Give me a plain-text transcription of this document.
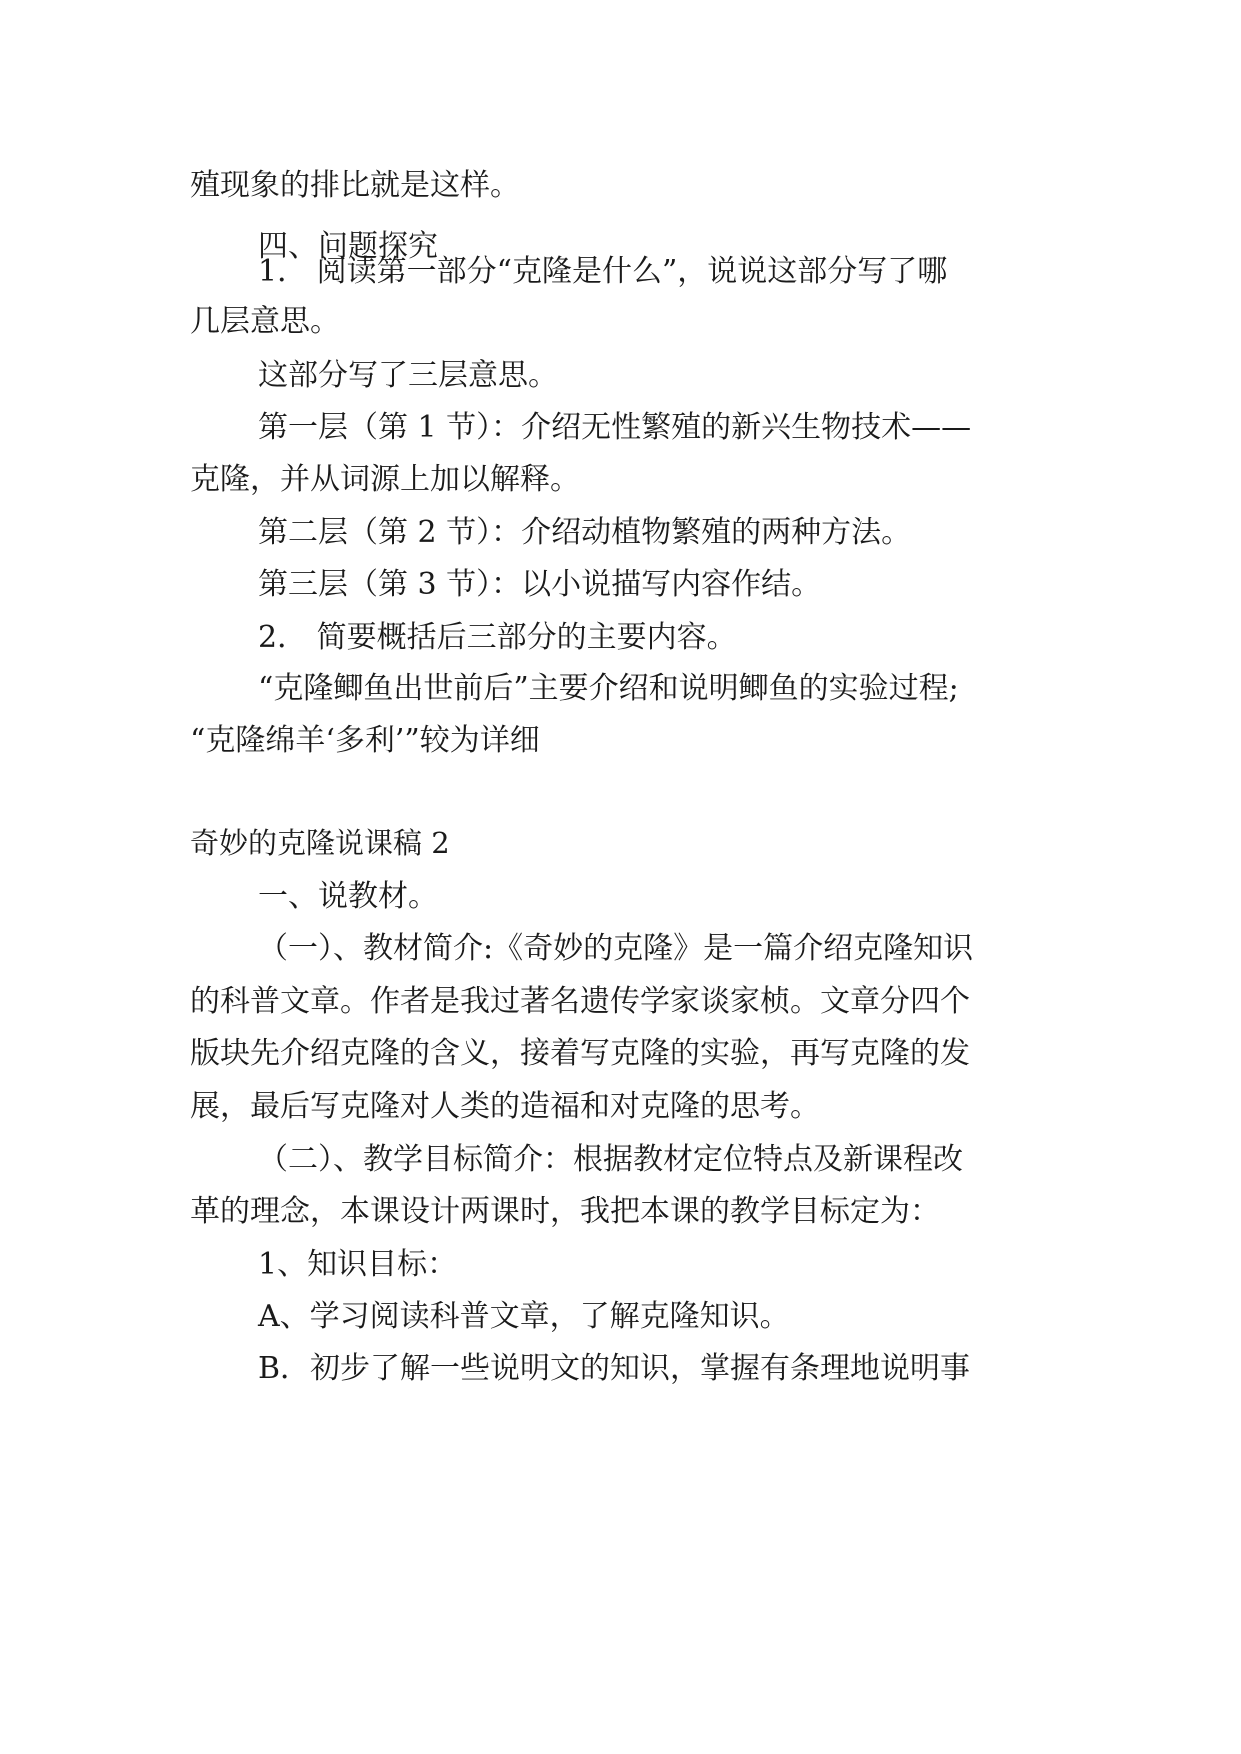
殖现象的排比就是这样。
四、问题探究
1． 阅读第一部分“克隆是什么”，说说这部分写了哪
几层意思。
这部分写了三层意思。
第一层（第 1 节）：介绍无性繁殖的新兴生物技术——
克隆，并从词源上加以解释。
第二层（第 2 节）：介绍动植物繁殖的两种方法。
第三层（第 3 节）：以小说描写内容作结。
2． 简要概括后三部分的主要内容。
“克隆鲫鱼出世前后”主要介绍和说明鲫鱼的实验过程;
“克隆绵羊‘多利’”较为详细
奇妙的克隆说课稿 2
一、说教材。
（一）、教材简介:《奇妙的克隆》是一篇介绍克隆知识
的科普文章。作者是我过著名遗传学家谈家桢。文章分四个
版块先介绍克隆的含义，接着写克隆的实验，再写克隆的发
展，最后写克隆对人类的造福和对克隆的思考。
（二）、教学目标简介：根据教材定位特点及新课程改
革的理念，本课设计两课时，我把本课的教学目标定为：
1、知识目标：
A、学习阅读科普文章，了解克隆知识。
B．初步了解一些说明文的知识，掌握有条理地说明事
